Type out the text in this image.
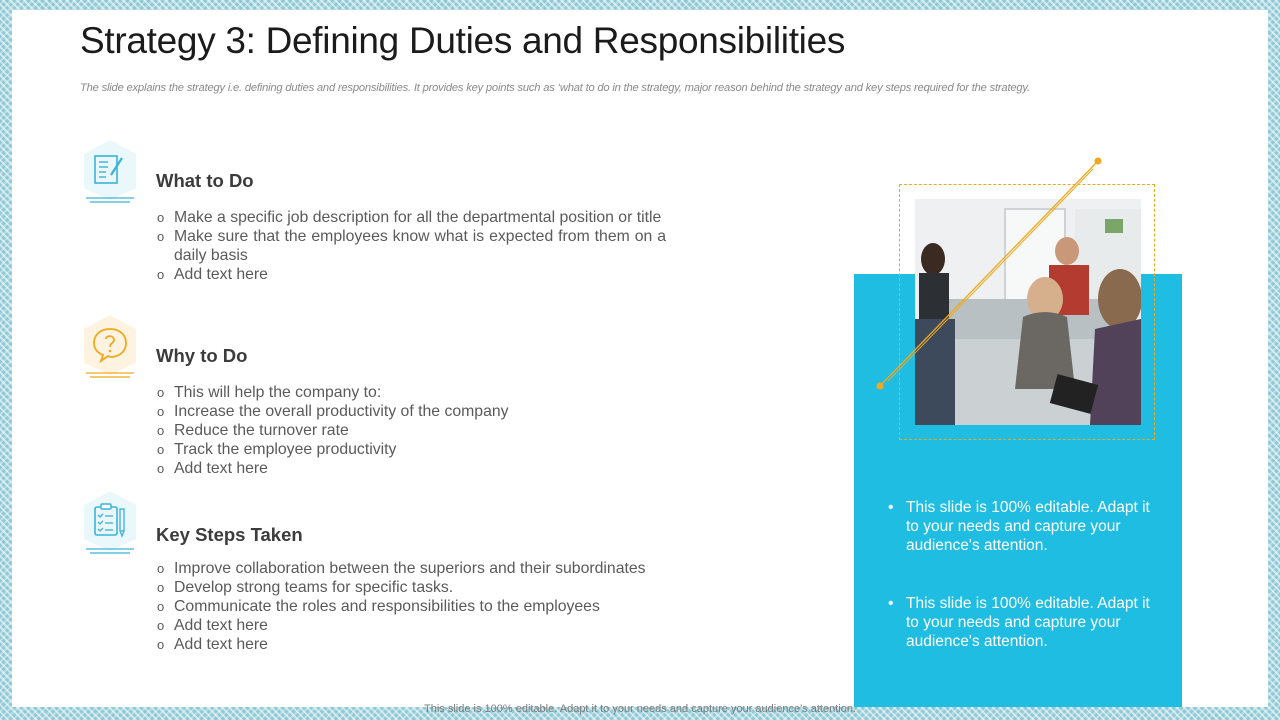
Strategy 3: Defining Duties and Responsibilities

The slide explains the strategy i.e. defining duties and responsibilities. It provides key points such as ‘what to do in the strategy, major reason behind the strategy and key steps required for the strategy.

What to Do
o Make a specific job description for all the departmental position or title
o Make sure that the employees know what is expected from them on a daily basis
o Add text here
Why to Do
o This will help the company to:
o Increase the overall productivity of the company
o Reduce the turnover rate
o Track the employee productivity
o Add text here
Key Steps Taken
o Improve collaboration between the superiors and their subordinates
o Develop strong teams for specific tasks.
o Communicate the roles and responsibilities to the employees
o Add text here
o Add text here
• This slide is 100% editable. Adapt it to your needs and capture your audience's attention.
• This slide is 100% editable. Adapt it to your needs and capture your audience's attention.
This slide is 100% editable. Adapt it to your needs and capture your audience's attention.
